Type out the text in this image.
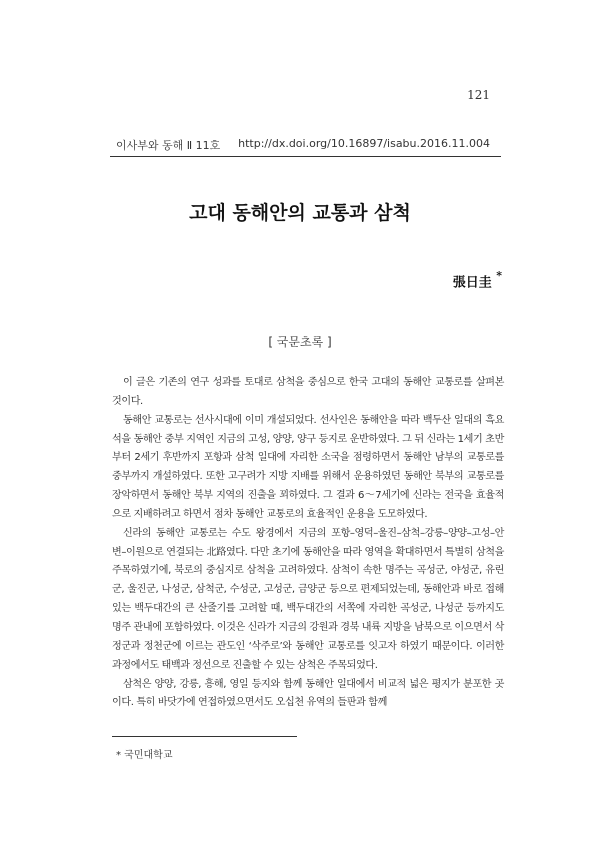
121
이사부와 동해 Ⅱ 11호 http://dx.doi.org/10.16897/isabu.2016.11.004
고대 동해안의 교통과 삼척
張日圭 *
[ 국문초록 ]

이 글은 기존의 연구 성과를 토대로 삼척을 중심으로 한국 고대의 동해안 교통로를 살펴본 것이다.

동해안 교통로는 선사시대에 이미 개설되었다. 선사인은 동해안을 따라 백두산 일대의 흑요석을 동해안 중부 지역인 지금의 고성, 양양, 양구 등지로 운반하였다. 그 뒤 신라는 1세기 초반부터 2세기 후반까지 포항과 삼척 일대에 자리한 소국을 점령하면서 동해안 남부의 교통로를 중부까지 개설하였다. 또한 고구려가 지방 지배를 위해서 운용하였던 동해안 북부의 교통로를 장악하면서 동해안 북부 지역의 진출을 꾀하였다. 그 결과 6～7세기에 신라는 전국을 효율적으로 지배하려고 하면서 점차 동해안 교통로의 효율적인 운용을 도모하였다.

신라의 동해안 교통로는 수도 왕경에서 지금의 포항–영덕–울진–삼척–강릉–양양–고성–안변–이원으로 연결되는 北路였다. 다만 초기에 동해안을 따라 영역을 확대하면서 특별히 삼척을 주목하였기에, 북로의 중심지로 삼척을 고려하였다. 삼척이 속한 명주는 곡성군, 야성군, 유린군, 울진군, 나성군, 삼척군, 수성군, 고성군, 금양군 등으로 편제되었는데, 동해안과 바로 접해 있는 백두대간의 큰 산줄기를 고려할 때, 백두대간의 서쪽에 자리한 곡성군, 나성군 등까지도 명주 관내에 포함하였다. 이것은 신라가 지금의 강원과 경북 내륙 지방을 남북으로 이으면서 삭정군과 정천군에 이르는 관도인 ‘삭주로’와 동해안 교통로를 잇고자 하였기 때문이다. 이러한 과정에서도 태백과 정선으로 진출할 수 있는 삼척은 주목되었다.

삼척은 양양, 강릉, 흥해, 영일 등지와 함께 동해안 일대에서 비교적 넓은 평지가 분포한 곳이다. 특히 바닷가에 연접하였으면서도 오십천 유역의 들판과 함께

* 국민대학교
